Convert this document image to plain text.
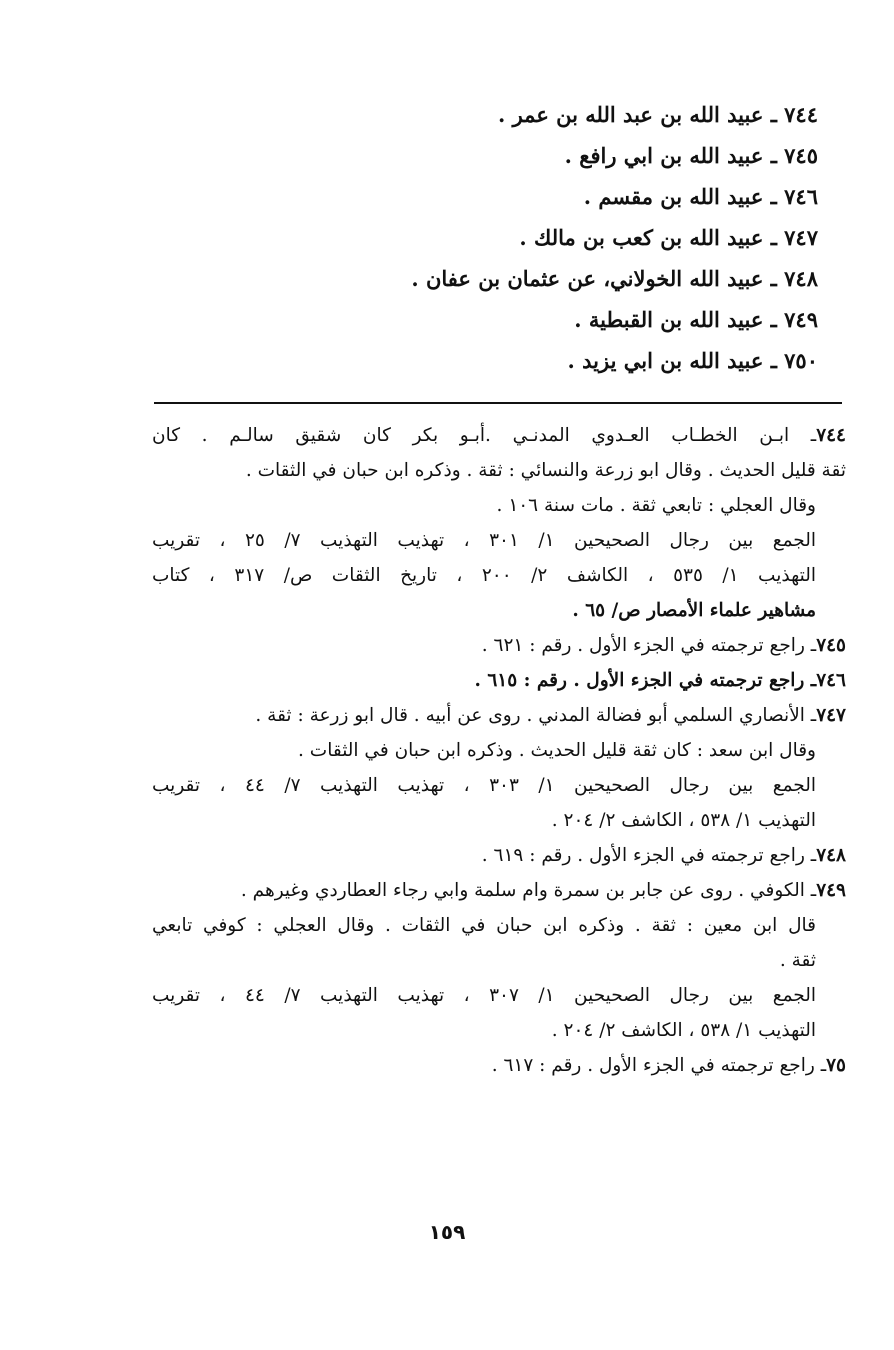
٧٤٤ ـ عبيد الله بن عبد الله بن عمر .
٧٤٥ ـ عبيد الله بن ابي رافع .
٧٤٦ ـ عبيد الله بن مقسم .
٧٤٧ ـ عبيد الله بن كعب بن مالك .
٧٤٨ ـ عبيد الله الخولاني، عن عثمان بن عفان .
٧٤٩ ـ عبيد الله بن القبطية .
٧٥٠ ـ عبيد الله بن ابي يزيد .
٧٤٤ـ ابـن الخطـاب العـدوي المدنـي .أبـو بكر كان شقيق سالـم . كان
ثقة قليل الحديث . وقال ابو زرعة والنسائي : ثقة . وذكره ابن حبان في الثقات .
وقال العجلي : تابعي ثقة . مات سنة ١٠٦ .
الجمع بين رجال الصحيحين ١/ ٣٠١ ، تهذيب التهذيب ٧/ ٢٥ ، تقريب
التهذيب ١/ ٥٣٥ ، الكاشف ٢/ ٢٠٠ ، تاريخ الثقات ص/ ٣١٧ ، كتاب
مشاهير علماء الأمصار ص/ ٦٥ .
٧٤٥ـ راجع ترجمته في الجزء الأول . رقم : ٦٢١ .
٧٤٦ـ راجع ترجمته في الجزء الأول . رقم : ٦١٥ .
٧٤٧ـ الأنصاري السلمي أبو فضالة المدني . روى عن أبيه . قال ابو زرعة : ثقة .
وقال ابن سعد : كان ثقة قليل الحديث . وذكره ابن حبان في الثقات .
الجمع بين رجال الصحيحين ١/ ٣٠٣ ، تهذيب التهذيب ٧/ ٤٤ ، تقريب
التهذيب ١/ ٥٣٨ ، الكاشف ٢/ ٢٠٤ .
٧٤٨ـ راجع ترجمته في الجزء الأول . رقم : ٦١٩ .
٧٤٩ـ الكوفي . روى عن جابر بن سمرة وام سلمة وابي رجاء العطاردي وغيرهم .
قال ابن معين : ثقة . وذكره ابن حبان في الثقات . وقال العجلي : كوفي تابعي
ثقة .
الجمع بين رجال الصحيحين ١/ ٣٠٧ ، تهذيب التهذيب ٧/ ٤٤ ، تقريب
التهذيب ١/ ٥٣٨ ، الكاشف ٢/ ٢٠٤ .
٧٥ـ راجع ترجمته في الجزء الأول . رقم : ٦١٧ .
١٥٩
